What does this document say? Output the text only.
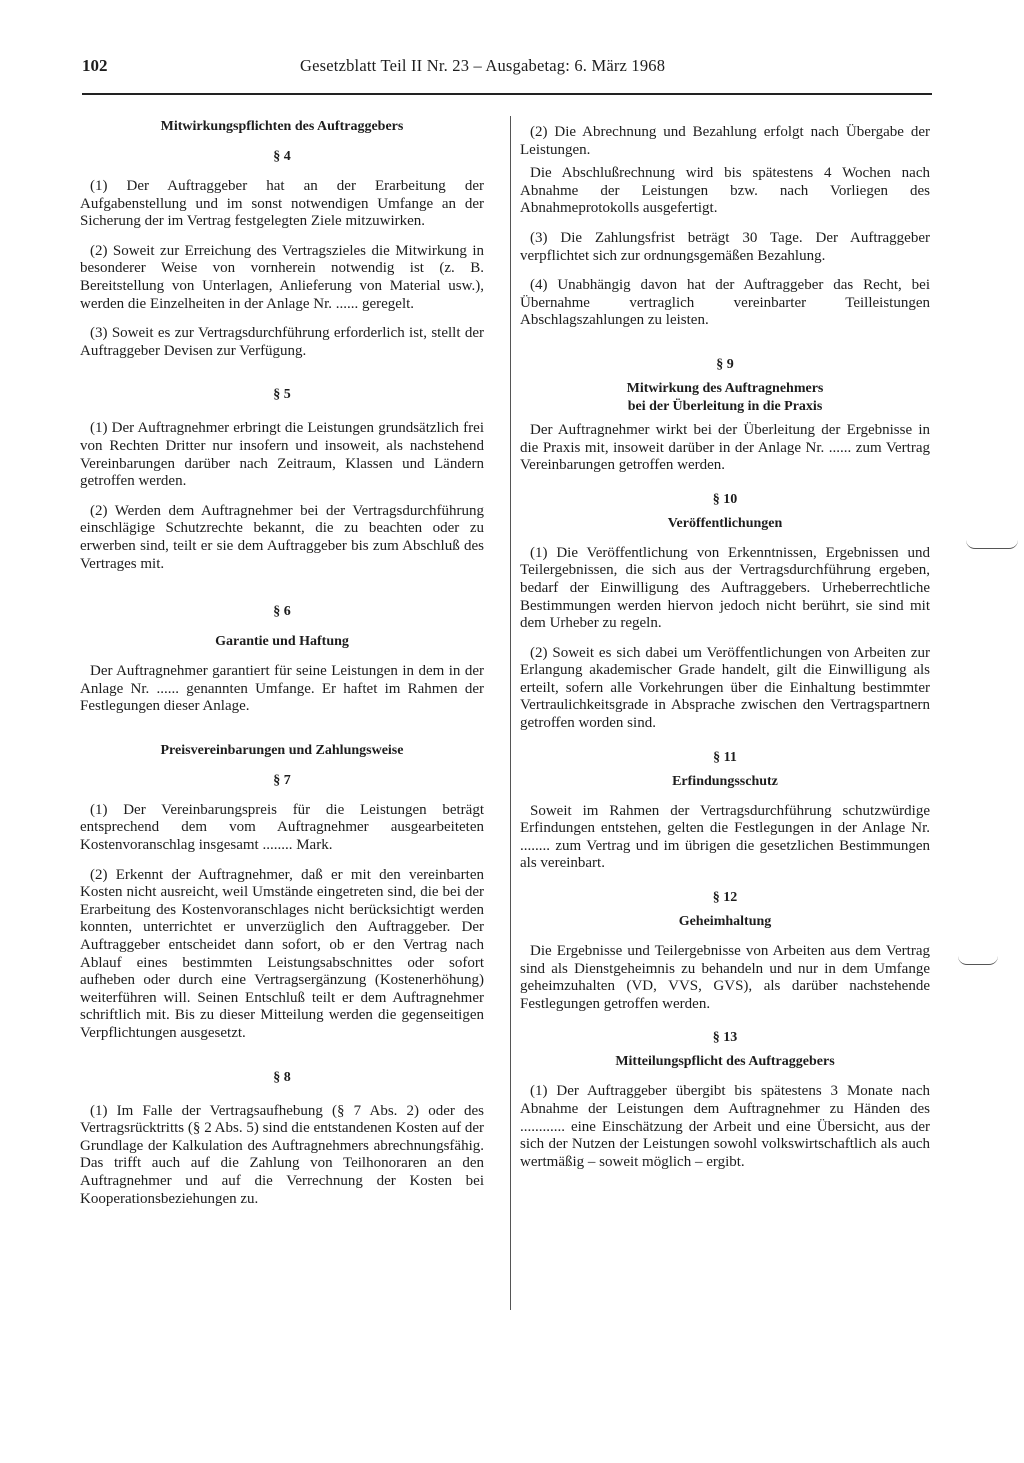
102	Gesetzblatt Teil II Nr. 23 – Ausgabetag: 6. März 1968

Mitwirkungspflichten des Auftraggebers

§ 4

(1) Der Auftraggeber hat an der Erarbeitung der Aufgabenstellung und im sonst notwendigen Umfange an der Sicherung der im Vertrag festgelegten Ziele mitzuwirken.

(2) Soweit zur Erreichung des Vertragszieles die Mitwirkung in besonderer Weise von vornherein notwendig ist (z. B. Bereitstellung von Unterlagen, Anlieferung von Material usw.), werden die Einzelheiten in der Anlage Nr. ...... geregelt.

(3) Soweit es zur Vertragsdurchführung erforderlich ist, stellt der Auftraggeber Devisen zur Verfügung.

§ 5

(1) Der Auftragnehmer erbringt die Leistungen grundsätzlich frei von Rechten Dritter nur insofern und insoweit, als nachstehend Vereinbarungen darüber nach Zeitraum, Klassen und Ländern getroffen werden.

(2) Werden dem Auftragnehmer bei der Vertragsdurchführung einschlägige Schutzrechte bekannt, die zu beachten oder zu erwerben sind, teilt er sie dem Auftraggeber bis zum Abschluß des Vertrages mit.

§ 6

Garantie und Haftung

Der Auftragnehmer garantiert für seine Leistungen in dem in der Anlage Nr. ...... genannten Umfange. Er haftet im Rahmen der Festlegungen dieser Anlage.

Preisvereinbarungen und Zahlungsweise

§ 7

(1) Der Vereinbarungspreis für die Leistungen beträgt entsprechend dem vom Auftragnehmer ausgearbeiteten Kostenvoranschlag insgesamt ........ Mark.

(2) Erkennt der Auftragnehmer, daß er mit den vereinbarten Kosten nicht ausreicht, weil Umstände eingetreten sind, die bei der Erarbeitung des Kostenvoranschlages nicht berücksichtigt werden konnten, unterrichtet er unverzüglich den Auftraggeber. Der Auftraggeber entscheidet dann sofort, ob er den Vertrag nach Ablauf eines bestimmten Leistungsabschnittes oder sofort aufheben oder durch eine Vertragsergänzung (Kostenerhöhung) weiterführen will. Seinen Entschluß teilt er dem Auftragnehmer schriftlich mit. Bis zu dieser Mitteilung werden die gegenseitigen Verpflichtungen ausgesetzt.

§ 8

(1) Im Falle der Vertragsaufhebung (§ 7 Abs. 2) oder des Vertragsrücktritts (§ 2 Abs. 5) sind die entstandenen Kosten auf der Grundlage der Kalkulation des Auftragnehmers abrechnungsfähig. Das trifft auch auf die Zahlung von Teilhonoraren an den Auftragnehmer und auf die Verrechnung der Kosten bei Kooperationsbeziehungen zu.

(2) Die Abrechnung und Bezahlung erfolgt nach Übergabe der Leistungen.

Die Abschlußrechnung wird bis spätestens 4 Wochen nach Abnahme der Leistungen bzw. nach Vorliegen des Abnahmeprotokolls ausgefertigt.

(3) Die Zahlungsfrist beträgt 30 Tage. Der Auftraggeber verpflichtet sich zur ordnungsgemäßen Bezahlung.

(4) Unabhängig davon hat der Auftraggeber das Recht, bei Übernahme vertraglich vereinbarter Teilleistungen Abschlagszahlungen zu leisten.

§ 9

Mitwirkung des Auftragnehmers

bei der Überleitung in die Praxis

Der Auftragnehmer wirkt bei der Überleitung der Ergebnisse in die Praxis mit, insoweit darüber in der Anlage Nr. ...... zum Vertrag Vereinbarungen getroffen werden.

§ 10

Veröffentlichungen

(1) Die Veröffentlichung von Erkenntnissen, Ergebnissen und Teilergebnissen, die sich aus der Vertragsdurchführung ergeben, bedarf der Einwilligung des Auftraggebers. Urheberrechtliche Bestimmungen werden hiervon jedoch nicht berührt, sie sind mit dem Urheber zu regeln.

(2) Soweit es sich dabei um Veröffentlichungen von Arbeiten zur Erlangung akademischer Grade handelt, gilt die Einwilligung als erteilt, sofern alle Vorkehrungen über die Einhaltung bestimmter Vertraulichkeitsgrade in Absprache zwischen den Vertragspartnern getroffen worden sind.

§ 11

Erfindungsschutz

Soweit im Rahmen der Vertragsdurchführung schutzwürdige Erfindungen entstehen, gelten die Festlegungen in der Anlage Nr. ........ zum Vertrag und im übrigen die gesetzlichen Bestimmungen als vereinbart.

§ 12

Geheimhaltung

Die Ergebnisse und Teilergebnisse von Arbeiten aus dem Vertrag sind als Dienstgeheimnis zu behandeln und nur in dem Umfange geheimzuhalten (VD, VVS, GVS), als darüber nachstehende Festlegungen getroffen werden.

§ 13

Mitteilungspflicht des Auftraggebers

(1) Der Auftraggeber übergibt bis spätestens 3 Monate nach Abnahme der Leistungen dem Auftragnehmer zu Händen des ............ eine Einschätzung der Arbeit und eine Übersicht, aus der sich der Nutzen der Leistungen sowohl volkswirtschaftlich als auch wertmäßig – soweit möglich – ergibt.
